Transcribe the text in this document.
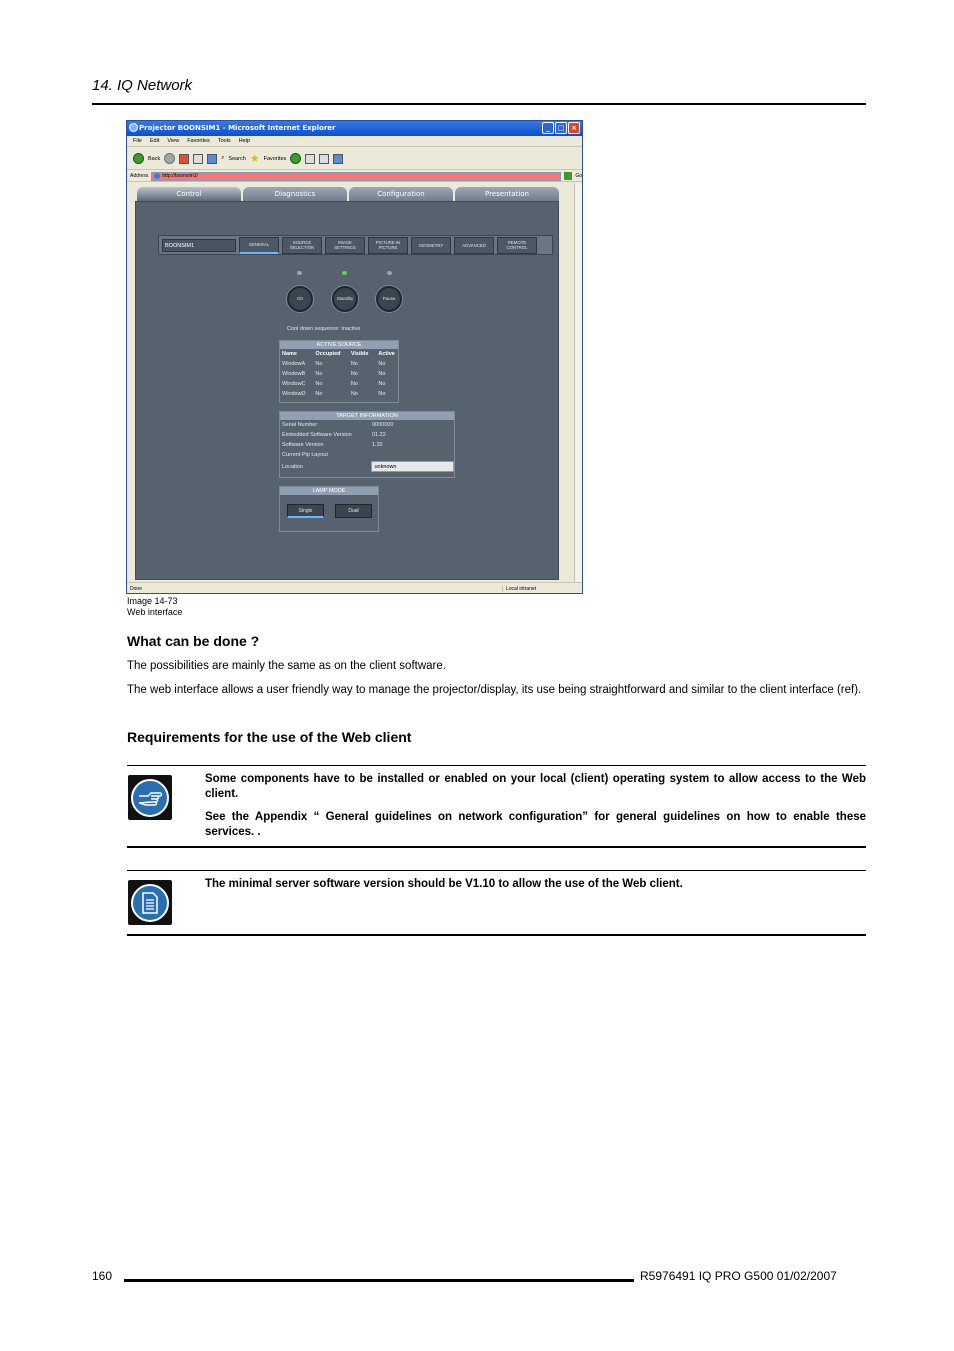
14. IQ Network
Projector BOONSIM1 - Microsoft Internet Explorer	_	□ ×
File Edit View Favorites Tools Help
Back	⌕ Search ★ Favorites
Address	http://boonsim1/	Go
Control	Diagnostics	Configuration	Presentation
BOONSIM1	GENERAL	SOURCE SELECTION
IMAGE SETTINGS
PICTURE IN PICTURE	GEOMETRY	ADVANCED	REMOTE CONTROL
On	Standby	Pause
Cool down sequence: Inactive
ACTIVE SOURCE
Name	Occupied	Visible	Active
WindowA	No	No	No
WindowB	No	No	No
WindowC	No	No	No
WindowD	No	No	No
TARGET INFORMATION
Serial Number	0000000
Embedded Software Version	01.22
Software Version	1.32
Current Pip Layout
Location	unknown
LAMP MODE
Single	Dual
Done	Local intranet
Image 14-73
Web interface
What can be done ?
The possibilities are mainly the same as on the client software.
The web interface allows a user friendly way to manage the projector/display, its use being straightforward and similar to the client interface (ref).
Requirements for the use of the Web client
Some components have to be installed or enabled on your local (client) operating system to allow access to the Web client.
See the Appendix “ General guidelines on network configuration” for general guidelines on how to enable these services. .
The minimal server software version should be V1.10 to allow the use of the Web client.
160	R5976491 IQ PRO G500 01/02/2007
